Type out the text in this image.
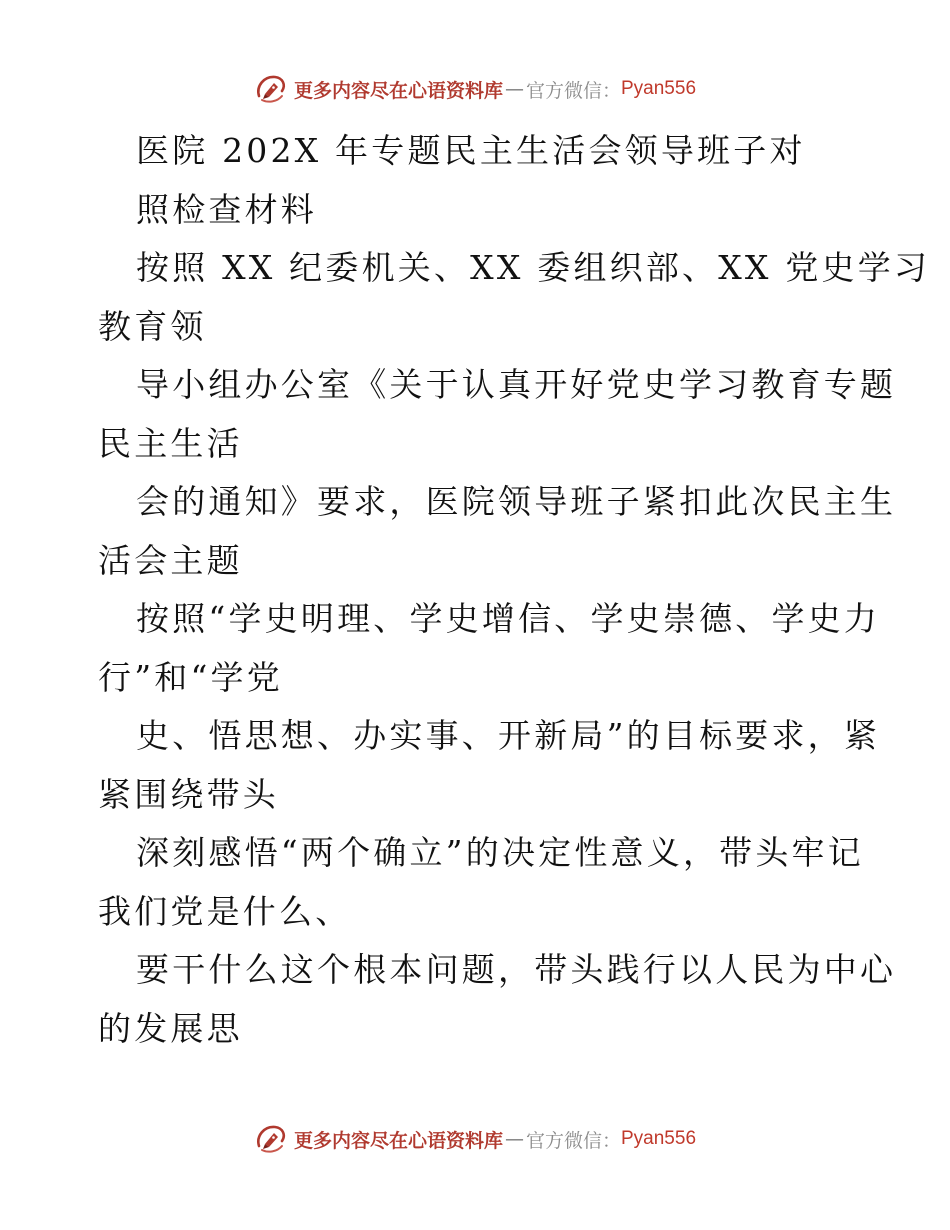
更多内容尽在心语资料库 — 官方微信： Pyan556
医院 202X 年专题民主生活会领导班子对
照检查材料
按照 XX 纪委机关、XX 委组织部、XX 党史学习
教育领
导小组办公室《关于认真开好党史学习教育专题
民主生活
会的通知》要求，医院领导班子紧扣此次民主生
活会主题
按照“学史明理、学史增信、学史崇德、学史力
行”和“学党
史、悟思想、办实事、开新局”的目标要求，紧
紧围绕带头
深刻感悟“两个确立”的决定性意义，带头牢记
我们党是什么、
要干什么这个根本问题，带头践行以人民为中心
的发展思
更多内容尽在心语资料库 — 官方微信： Pyan556
